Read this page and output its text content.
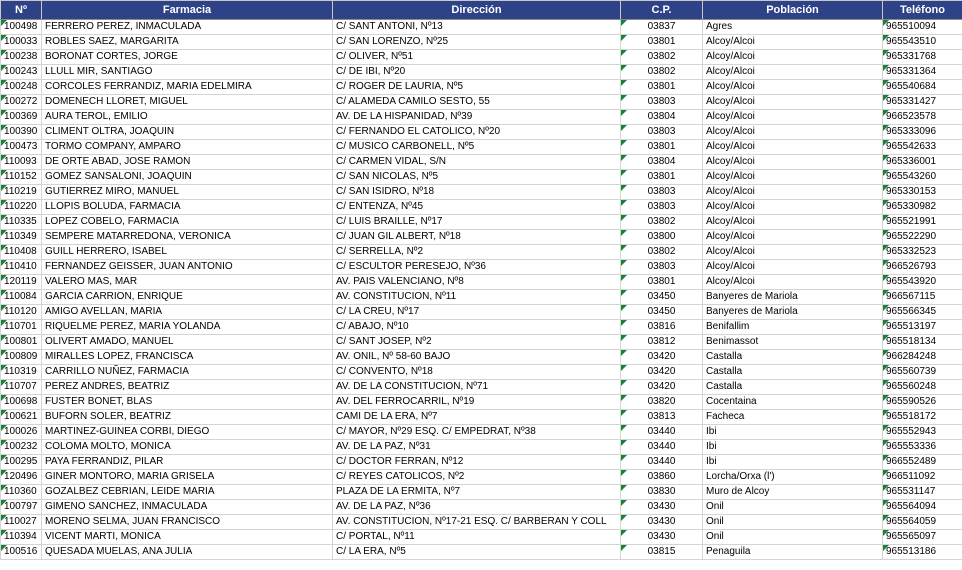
Nº	Farmacia	Dirección	C.P.	Población	Teléfono

100498	FERRERO PEREZ, INMACULADA	C/ SANT ANTONI, Nº13	03837	Agres	965510094

100033	ROBLES SAEZ, MARGARITA	C/ SAN LORENZO, Nº25	03801	Alcoy/Alcoi	965543510

100238	BORONAT CORTES, JORGE	C/ OLIVER, Nº51	03802	Alcoy/Alcoi	965331768

100243	LLULL MIR, SANTIAGO	C/ DE IBI, Nº20	03802	Alcoy/Alcoi	965331364

100248	CORCOLES FERRANDIZ, MARIA EDELMIRA	C/ ROGER DE LAURIA, Nº5	03801	Alcoy/Alcoi	965540684

100272	DOMENECH LLORET, MIGUEL	C/ ALAMEDA CAMILO SESTO, 55	03803	Alcoy/Alcoi	965331427

100369	AURA TEROL, EMILIO	AV. DE LA HISPANIDAD, Nº39	03804	Alcoy/Alcoi	966523578

100390	CLIMENT OLTRA, JOAQUIN	C/ FERNANDO EL CATOLICO, Nº20	03803	Alcoy/Alcoi	965333096

100473	TORMO COMPANY, AMPARO	C/ MUSICO CARBONELL, Nº5	03801	Alcoy/Alcoi	965542633

110093	DE ORTE ABAD, JOSE RAMON	C/ CARMEN VIDAL, S/N	03804	Alcoy/Alcoi	965336001

110152	GOMEZ SANSALONI, JOAQUIN	C/ SAN NICOLAS, Nº5	03801	Alcoy/Alcoi	965543260

110219	GUTIERREZ MIRO, MANUEL	C/ SAN ISIDRO, Nº18	03803	Alcoy/Alcoi	965330153

110220	LLOPIS BOLUDA, FARMACIA	C/ ENTENZA, Nº45	03803	Alcoy/Alcoi	965330982

110335	LOPEZ COBELO, FARMACIA	C/ LUIS BRAILLE, Nº17	03802	Alcoy/Alcoi	965521991

110349	SEMPERE MATARREDONA, VERONICA	C/ JUAN GIL ALBERT, Nº18	03800	Alcoy/Alcoi	965522290

110408	GUILL HERRERO, ISABEL	C/ SERRELLA, Nº2	03802	Alcoy/Alcoi	965332523

110410	FERNANDEZ GEISSER, JUAN ANTONIO	C/ ESCULTOR PERESEJO, Nº36	03803	Alcoy/Alcoi	966526793

120119	VALERO MAS, MAR	AV. PAIS VALENCIANO, Nº8	03801	Alcoy/Alcoi	965543920

110084	GARCIA CARRION, ENRIQUE	AV. CONSTITUCION, Nº11	03450	Banyeres de Mariola	966567115

110120	AMIGO AVELLAN, MARIA	C/ LA CREU, Nº17	03450	Banyeres de Mariola	965566345

110701	RIQUELME PEREZ, MARIA YOLANDA	C/ ABAJO, Nº10	03816	Benifallim	965513197

100801	OLIVERT AMADO, MANUEL	C/ SANT JOSEP, Nº2	03812	Benimassot	965518134

100809	MIRALLES LOPEZ, FRANCISCA	AV. ONIL, Nº 58-60 BAJO	03420	Castalla	966284248

110319	CARRILLO NUÑEZ, FARMACIA	C/ CONVENTO, Nº18	03420	Castalla	965560739

110707	PEREZ ANDRES, BEATRIZ	AV. DE LA CONSTITUCION, Nº71	03420	Castalla	965560248

100698	FUSTER BONET, BLAS	AV. DEL FERROCARRIL, Nº19	03820	Cocentaina	965590526

100621	BUFORN SOLER, BEATRIZ	CAMI DE LA ERA, Nº7	03813	Facheca	965518172

100026	MARTINEZ-GUINEA CORBI, DIEGO	C/ MAYOR, Nº29 ESQ. C/ EMPEDRAT, Nº38	03440	Ibi	965552943

100232	COLOMA MOLTO, MONICA	AV. DE LA PAZ, Nº31	03440	Ibi	965553336

100295	PAYA FERRANDIZ, PILAR	C/ DOCTOR FERRAN, Nº12	03440	Ibi	966552489

120496	GINER MONTORO, MARIA GRISELA	C/ REYES CATOLICOS, Nº2	03860	Lorcha/Orxa (l')	966511092

110360	GOZALBEZ CEBRIAN, LEIDE MARIA	PLAZA DE LA ERMITA, Nº7	03830	Muro de Alcoy	965531147

100797	GIMENO SANCHEZ, INMACULADA	AV. DE LA PAZ, Nº36	03430	Onil	965564094

110027	MORENO SELMA, JUAN FRANCISCO	AV. CONSTITUCION, Nº17-21 ESQ. C/ BARBERAN Y COLL	03430	Onil	965564059

110394	VICENT MARTI, MONICA	C/ PORTAL, Nº11	03430	Onil	965565097

100516	QUESADA MUELAS, ANA JULIA	C/ LA ERA, Nº5	03815	Penaguila	965513186
